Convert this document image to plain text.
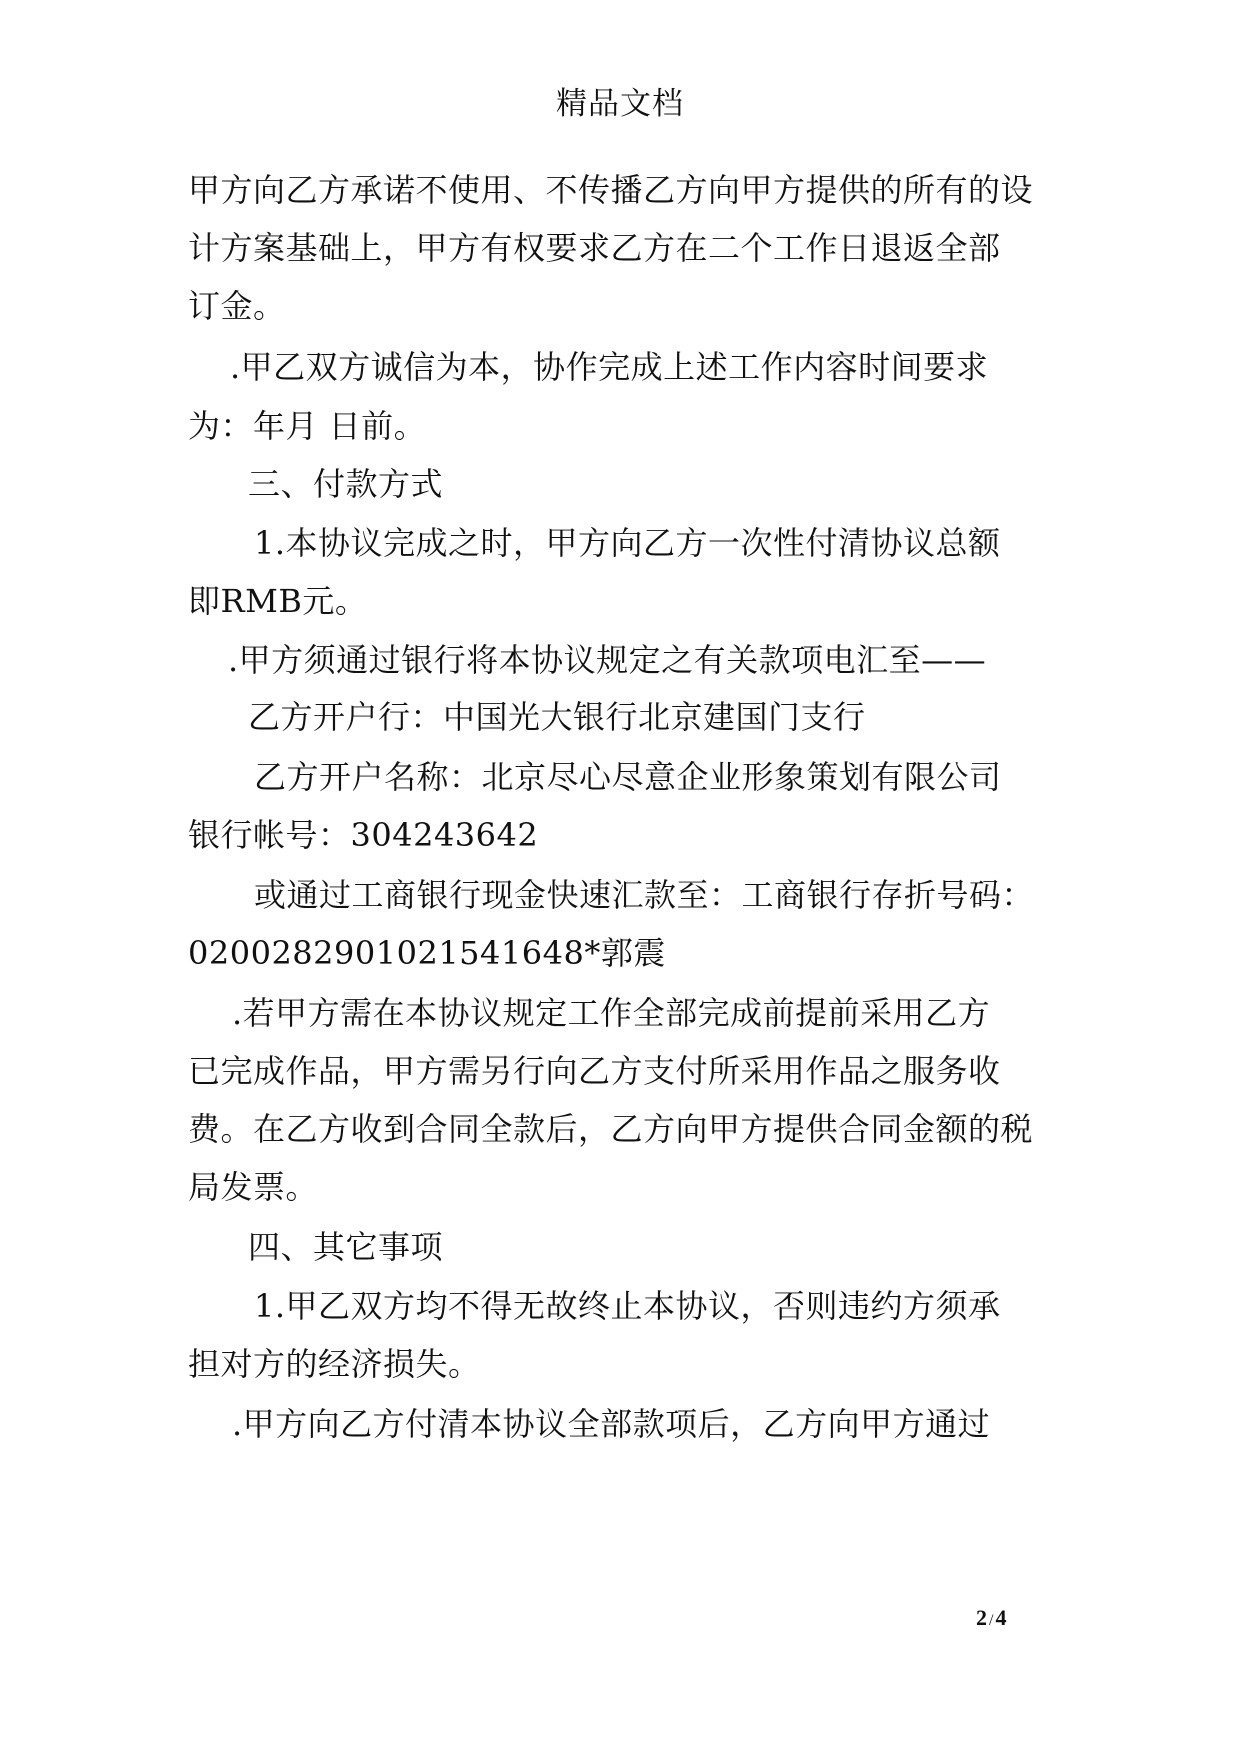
精品文档

甲方向乙方承诺不使用、不传播乙方向甲方提供的所有的设

计方案基础上，甲方有权要求乙方在二个工作日退返全部

订金。

.甲乙双方诚信为本，协作完成上述工作内容时间要求

为：年月 日前。

三、付款方式

1.本协议完成之时，甲方向乙方一次性付清协议总额

即RMB元。

.甲方须通过银行将本协议规定之有关款项电汇至——

乙方开户行：中国光大银行北京建国门支行

乙方开户名称：北京尽心尽意企业形象策划有限公司

银行帐号：304243642

或通过工商银行现金快速汇款至：工商银行存折号码：

0200282901021541648*郭震

.若甲方需在本协议规定工作全部完成前提前采用乙方

已完成作品，甲方需另行向乙方支付所采用作品之服务收

费。在乙方收到合同全款后，乙方向甲方提供合同金额的税

局发票。

四、其它事项

1.甲乙双方均不得无故终止本协议，否则违约方须承

担对方的经济损失。

.甲方向乙方付清本协议全部款项后，乙方向甲方通过

2 /4
